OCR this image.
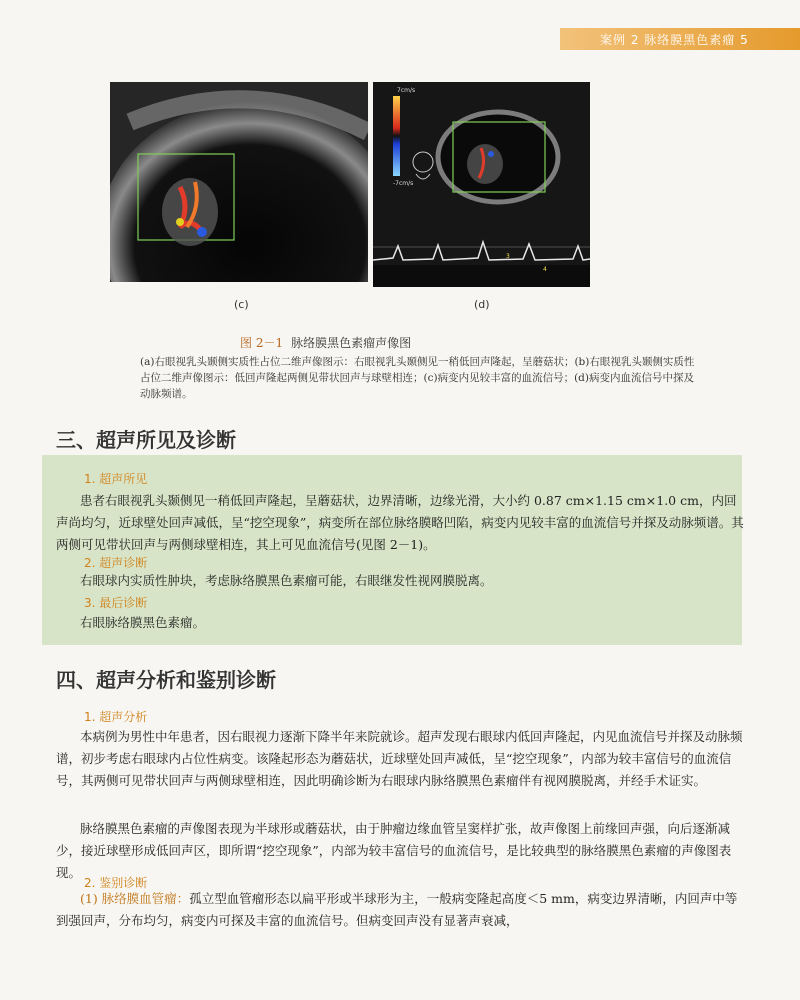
案例 2 脉络膜黑色素瘤 5
(c)
7cm/s
-7cm/s
3
4
(d)
图 2－1 脉络膜黑色素瘤声像图
(a)右眼视乳头颞侧实质性占位二维声像图示：右眼视乳头颞侧见一稍低回声隆起，呈蘑菇状；(b)右眼视乳头颞侧实质性占位二维声像图示：低回声隆起两侧见带状回声与球壁相连；(c)病变内见较丰富的血流信号；(d)病变内血流信号中探及动脉频谱。
三、超声所见及诊断
1. 超声所见
患者右眼视乳头颞侧见一稍低回声隆起，呈蘑菇状，边界清晰，边缘光滑，大小约 0.87 cm×1.15 cm×1.0 cm，内回声尚均匀，近球壁处回声减低，呈“挖空现象”，病变所在部位脉络膜略凹陷，病变内见较丰富的血流信号并探及动脉频谱。其两侧可见带状回声与两侧球壁相连，其上可见血流信号(见图 2－1)。
2. 超声诊断
右眼球内实质性肿块，考虑脉络膜黑色素瘤可能，右眼继发性视网膜脱离。
3. 最后诊断
右眼脉络膜黑色素瘤。
四、超声分析和鉴别诊断
1. 超声分析
本病例为男性中年患者，因右眼视力逐渐下降半年来院就诊。超声发现右眼球内低回声隆起，内见血流信号并探及动脉频谱，初步考虑右眼球内占位性病变。该隆起形态为蘑菇状，近球壁处回声减低，呈“挖空现象”，内部为较丰富信号的血流信号，其两侧可见带状回声与两侧球壁相连，因此明确诊断为右眼球内脉络膜黑色素瘤伴有视网膜脱离，并经手术证实。
脉络膜黑色素瘤的声像图表现为半球形或蘑菇状，由于肿瘤边缘血管呈窦样扩张，故声像图上前缘回声强，向后逐渐减少，接近球壁形成低回声区，即所谓“挖空现象”，内部为较丰富信号的血流信号，是比较典型的脉络膜黑色素瘤的声像图表现。
2. 鉴别诊断
(1) 脉络膜血管瘤：孤立型血管瘤形态以扁平形或半球形为主，一般病变隆起高度＜5 mm，病变边界清晰，内回声中等到强回声，分布均匀，病变内可探及丰富的血流信号。但病变回声没有显著声衰减，
